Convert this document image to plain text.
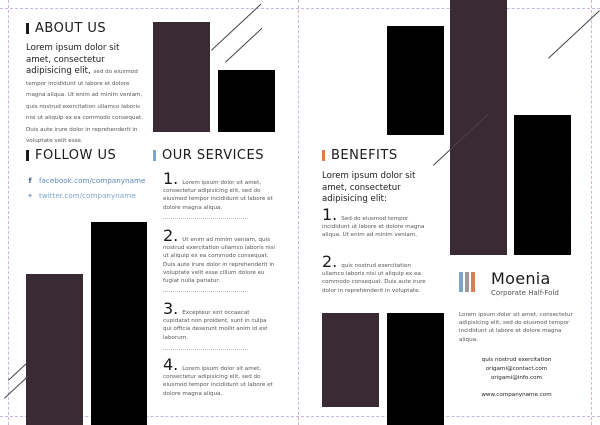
ABOUT US
Lorem ipsum dolor sit amet, consectetur adipisicing elit, sed do eiusmod tempor incididunt ut labore et dolore magna aliqua. Ut enim ad minim veniam, quis nostrud exercitation ullamco laboris nisi ut aliquip ex ea commodo consequat. Duis aute irure dolor in reprehenderit in voluptate velit esse.
FOLLOW US
f	facebook.com/companyname
✦ twitter.com/companyname
OUR SERVICES
1. Lorem ipsum dolor sit amet, consectetur adipisicing elit, sed do eiusmod tempor incididunt ut labore et dolore magna aliqua.
2. Ut enim ad minim veniam, quis nostrud exercitation ullamco laboris nisi ut aliquip ex ea commodo consequat. Duis aute irure dolor in reprehenderit in voluptate velit esse cillum dolore eu fugiat nulla pariatur.
3. Excepteur sint occaecat cupidatat non proident, sunt in culpa qui officia deserunt mollit anim id est laborum.
4. Lorem ipsum dolor sit amet, consectetur adipisicing elit, sed do eiusmod tempor incididunt ut labore et dolore magna aliqua.
BENEFITS
Lorem ipsum dolor sit amet, consectetur adipisicing elit:
1. Sed do eiusmod tempor incididunt ut labore et dolore magna aliqua. Ut enim ad minim veniam,
2. quis nostrud exercitation ullamco laboris nisi ut aliquip ex ea commodo consequat. Duis aute irure dolor in reprehenderit in voluptate.
Moenia
Corporate Half-Fold
Lorem ipsum dolor sit amet, consectetur adipisicing elit, sed do eiusmod tempor incididunt ut labore et dolore magna aliqua.
quis nostrud exercitation
origami@contact.com
origami@info.com
www.companyname.com
